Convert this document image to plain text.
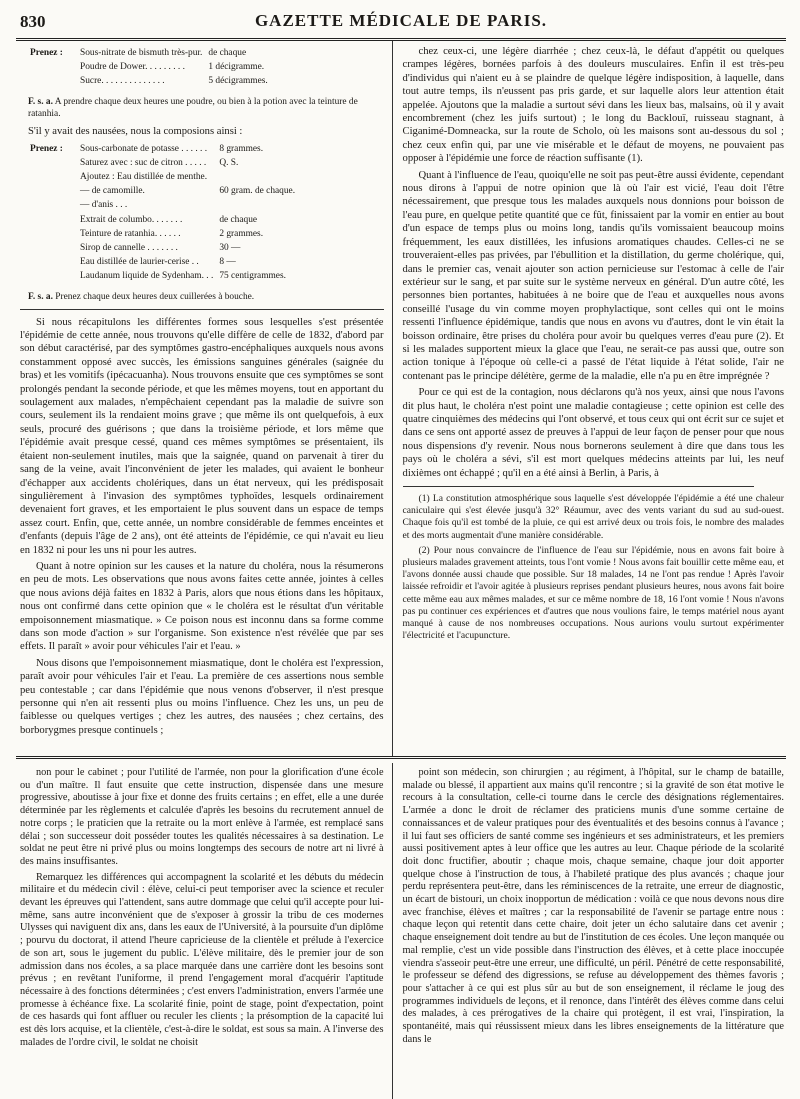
830	GAZETTE MÉDICALE DE PARIS.
Prenez :	Sous-nitrate de bismuth très-pur.	de chaque
	Poudre de Dower. . . . . . . . .	1 décigramme.
	Sucre. . . . . . . . . . . . . .	5 décigrammes.
F. s. a. A prendre chaque deux heures une poudre, ou bien à la potion avec la teinture de ratanhia.
S'il y avait des nausées, nous la composions ainsi :
Prenez :	Sous-carbonate de potasse . . . . . .	8 grammes.
	Saturez avec : suc de citron . . . . .	Q. S.
	Ajoutez : Eau distillée de menthe.	
	— de camomille.	60 gram. de chaque.
	— d'anis . . .	
	Extrait de columbo. . . . . . .	de chaque
	Teinture de ratanhia. . . . . .	2 grammes.
	Sirop de cannelle . . . . . . .	30 —
	Eau distillée de laurier-cerise . .	8 —
	Laudanum liquide de Sydenham. . .	75 centigrammes.
F. s. a. Prenez chaque deux heures deux cuillerées à bouche.

Si nous récapitulons les différentes formes sous lesquelles s'est présentée l'épidémie de cette année, nous trouvons qu'elle diffère de celle de 1832, d'abord par son début caractérisé, par des symptômes gastro-encéphaliques auxquels nous avons constamment opposé avec succès, les émissions sanguines générales (saignée du bras) et les vomitifs (ipécacuanha). Nous trouvons ensuite que ces symptômes se sont prolongés pendant la seconde période, et que les mêmes moyens, tout en apportant du soulagement aux malades, n'empêchaient cependant pas la maladie de suivre son cours, seulement ils la rendaient moins grave ; que même ils ont quelquefois, à eux seuls, procuré des guérisons ; que dans la troisième période, et lors même que l'épidémie avait presque cessé, quand ces mêmes symptômes se présentaient, ils étaient non-seulement inutiles, mais que la saignée, quand on parvenait à tirer du sang de la veine, avait l'inconvénient de jeter les malades, qui avaient le bonheur d'échapper aux accidents cholériques, dans un état nerveux, qui les prédisposait singulièrement à l'invasion des symptômes typhoïdes, lesquels ordinairement devenaient fort graves, et les emportaient le plus souvent dans un espace de temps assez court. Enfin, que, cette année, un nombre considérable de femmes enceintes et d'enfants (depuis l'âge de 2 ans), ont été atteints de l'épidémie, ce qui n'avait eu lieu en 1832 ni pour les uns ni pour les autres.

Quant à notre opinion sur les causes et la nature du choléra, nous la résumerons en peu de mots. Les observations que nous avons faites cette année, jointes à celles que nous avions déjà faites en 1832 à Paris, alors que nous étions dans les hôpitaux, nous ont confirmé dans cette opinion que « le choléra est le résultat d'un véritable empoisonnement miasmatique. » Ce poison nous est inconnu dans sa forme comme dans son mode d'action » sur l'organisme. Son existence n'est révélée que par ses effets. Il paraît » avoir pour véhicules l'air et l'eau. »

Nous disons que l'empoisonnement miasmatique, dont le choléra est l'expression, paraît avoir pour véhicules l'air et l'eau. La première de ces assertions nous semble peu contestable ; car dans l'épidémie que nous venons d'observer, il n'est presque personne qui n'en ait ressenti plus ou moins l'influence. Chez les uns, un peu de faiblesse ou quelques vertiges ; chez les autres, des nausées ; chez certains, des borborygmes presque continuels ;

chez ceux-ci, une légère diarrhée ; chez ceux-là, le défaut d'appétit ou quelques crampes légères, bornées parfois à des douleurs musculaires. Enfin il est très-peu d'individus qui n'aient eu à se plaindre de quelque légère indisposition, à laquelle, dans tout autre temps, ils n'eussent pas pris garde, et sur laquelle alors leur attention était appelée. Ajoutons que la maladie a surtout sévi dans les lieux bas, malsains, où il y avait encombrement (chez les juifs surtout) ; le long du Backlouï, ruisseau stagnant, à Ciganimé-Domneacka, sur la route de Scholo, où les maisons sont au-dessous du sol ; chez ceux enfin qui, par une vie misérable et le défaut de moyens, ne pouvaient pas opposer à l'épidémie une force de réaction suffisante (1).

Quant à l'influence de l'eau, quoiqu'elle ne soit pas peut-être aussi évidente, cependant nous dirons à l'appui de notre opinion que là où l'air est vicié, l'eau doit l'être nécessairement, que presque tous les malades auxquels nous donnions pour boisson de l'eau pure, en quelque petite quantité que ce fût, finissaient par la vomir en entier au bout d'un espace de temps plus ou moins long, tandis qu'ils vomissaient beaucoup moins fréquemment, les eaux distillées, les infusions aromatiques chaudes. Celles-ci ne se trouveraient-elles pas privées, par l'ébullition et la distillation, du germe cholérique, qui, dans le premier cas, venait ajouter son action pernicieuse sur l'estomac à celle de l'air extérieur sur le sang, et par suite sur le système nerveux en général. D'un autre côté, les personnes bien portantes, habituées à ne boire que de l'eau et auxquelles nous avons conseillé l'usage du vin comme moyen prophylactique, sont celles qui ont le moins ressenti l'influence épidémique, tandis que nous en avons vu d'autres, dont le vin était la boisson ordinaire, être prises du choléra pour avoir bu quelques verres d'eau pure (2). Et si les malades supportent mieux la glace que l'eau, ne serait-ce pas aussi que, outre son action tonique à l'époque où celle-ci a passé de l'état liquide à l'état solide, l'air ne contenant pas le principe délétère, germe de la maladie, elle n'a pu en être imprégnée ?

Pour ce qui est de la contagion, nous déclarons qu'à nos yeux, ainsi que nous l'avons dit plus haut, le choléra n'est point une maladie contagieuse ; cette opinion est celle des quatre cinquièmes des médecins qui l'ont observé, et tous ceux qui ont écrit sur ce sujet et dans ce sens ont apporté assez de preuves à l'appui de leur façon de penser pour que nous nous dispensions d'y revenir. Nous nous bornerons seulement à dire que dans tous les pays où le choléra a sévi, s'il est mort quelques médecins atteints par lui, les neuf dixièmes ont échappé ; qu'il en a été ainsi à Berlin, à Paris, à

(1) La constitution atmosphérique sous laquelle s'est développée l'épidémie a été une chaleur caniculaire qui s'est élevée jusqu'à 32° Réaumur, avec des vents variant du sud au sud-ouest. Chaque fois qu'il est tombé de la pluie, ce qui est arrivé deux ou trois fois, le nombre des malades et des morts augmentait d'une manière considérable.

(2) Pour nous convaincre de l'influence de l'eau sur l'épidémie, nous en avons fait boire à plusieurs malades gravement atteints, tous l'ont vomie ! Nous avons fait bouillir cette même eau, et l'avons donnée aussi chaude que possible. Sur 18 malades, 14 ne l'ont pas rendue ! Après l'avoir laissée refroidir et l'avoir agitée à plusieurs reprises pendant plusieurs heures, nous avons fait boire cette même eau aux mêmes malades, et sur ce même nombre de 18, 16 l'ont vomie ! Nous n'avons pas pu continuer ces expériences et d'autres que nous voulions faire, le temps matériel nous ayant manqué à cause de nos nombreuses occupations. Nous aurions voulu surtout expérimenter l'électricité et l'acupuncture.

non pour le cabinet ; pour l'utilité de l'armée, non pour la glorification d'une école ou d'un maître. Il faut ensuite que cette instruction, dispensée dans une mesure progressive, aboutisse à jour fixe et donne des fruits certains ; en effet, elle a une durée déterminée par les règlements et calculée d'après les besoins du recrutement annuel de notre corps ; le praticien que la retraite ou la mort enlève à l'armée, est remplacé sans délai ; son successeur doit posséder toutes les qualités nécessaires à sa destination. Le soldat ne peut être ni privé plus ou moins longtemps des secours de notre art ni livré à des mains insuffisantes.

Remarquez les différences qui accompagnent la scolarité et les débuts du médecin militaire et du médecin civil : élève, celui-ci peut temporiser avec la science et reculer devant les épreuves qui l'attendent, sans autre dommage que celui qu'il accepte pour lui-même, sans autre inconvénient que de s'exposer à grossir la tribu de ces modernes Ulysses qui naviguent dix ans, dans les eaux de l'Université, à la poursuite d'un diplôme ; pourvu du doctorat, il attend l'heure capricieuse de la clientèle et prélude à l'exercice de son art, sous le jugement du public. L'élève militaire, dès le premier jour de son admission dans nos écoles, a sa place marquée dans une carrière dont les besoins sont prévus ; en revêtant l'uniforme, il prend l'engagement moral d'acquérir l'aptitude nécessaire à des fonctions déterminées ; c'est envers l'administration, envers l'armée une promesse à échéance fixe. La scolarité finie, point de stage, point d'expectation, point de ces hasards qui font affluer ou reculer les clients ; la présomption de la capacité lui est dès lors acquise, et la clientèle, c'est-à-dire le soldat, est sous sa main. A l'inverse des malades de l'ordre civil, le soldat ne choisit

point son médecin, son chirurgien ; au régiment, à l'hôpital, sur le champ de bataille, malade ou blessé, il appartient aux mains qu'il rencontre ; si la gravité de son état motive le recours à la consultation, celle-ci tourne dans le cercle des désignations réglementaires. L'armée a donc le droit de réclamer des praticiens munis d'une somme certaine de connaissances et de valeur pratiques pour des éventualités et des besoins connus à l'avance ; il lui faut ses officiers de santé comme ses ingénieurs et ses administrateurs, et les premiers aussi positivement aptes à leur office que les autres au leur. Chaque période de la scolarité doit donc fructifier, aboutir ; chaque mois, chaque semaine, chaque jour doit apporter quelque chose à l'instruction de tous, à l'habileté pratique des plus avancés ; chaque jour perdu représentera peut-être, dans les réminiscences de la retraite, une erreur de diagnostic, un écart de bistouri, un choix inopportun de médication : voilà ce que nous devons nous dire avec franchise, élèves et maîtres ; car la responsabilité de l'avenir se partage entre nous : chaque leçon qui retentit dans cette chaire, doit jeter un écho salutaire dans cet avenir ; chaque enseignement doit tendre au but de l'institution de ces écoles. Une leçon manquée ou mal remplie, c'est un vide possible dans l'instruction des élèves, et à cette place inoccupée viendra s'asseoir peut-être une erreur, une difficulté, un péril. Pénétré de cette responsabilité, le professeur se défend des digressions, se refuse au développement des thèmes favoris ; pour s'attacher à ce qui est plus sûr au but de son enseignement, il réclame le joug des programmes individuels de leçons, et il renonce, dans l'intérêt des élèves comme dans celui des malades, à ces prérogatives de la chaire qui protègent, il est vrai, l'inspiration, la spontanéité, mais qui réussissent mieux dans les libres enseignements de la littérature que dans le
